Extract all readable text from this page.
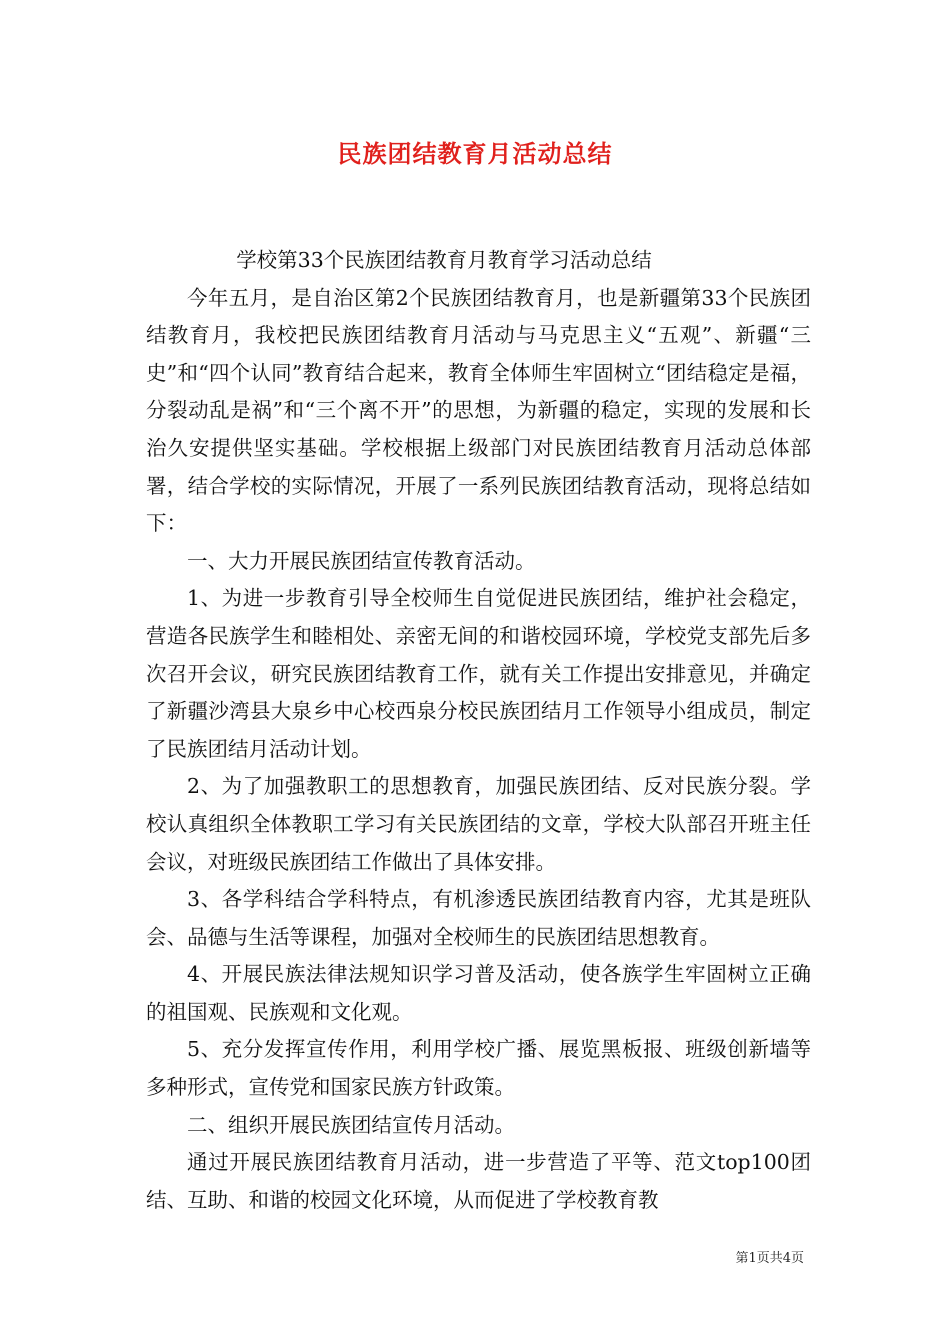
民族团结教育月活动总结

学校第33个民族团结教育月教育学习活动总结

今年五月，是自治区第2个民族团结教育月，也是新疆第33个民族团结教育月，我校把民族团结教育月活动与马克思主义“五观”、新疆“三史”和“四个认同”教育结合起来，教育全体师生牢固树立“团结稳定是福，分裂动乱是祸”和“三个离不开”的思想，为新疆的稳定，实现的发展和长治久安提供坚实基础。学校根据上级部门对民族团结教育月活动总体部署，结合学校的实际情况，开展了一系列民族团结教育活动，现将总结如下：

一、大力开展民族团结宣传教育活动。

1、为进一步教育引导全校师生自觉促进民族团结，维护社会稳定，营造各民族学生和睦相处、亲密无间的和谐校园环境，学校党支部先后多次召开会议，研究民族团结教育工作，就有关工作提出安排意见，并确定了新疆沙湾县大泉乡中心校西泉分校民族团结月工作领导小组成员，制定了民族团结月活动计划。

2、为了加强教职工的思想教育，加强民族团结、反对民族分裂。学校认真组织全体教职工学习有关民族团结的文章，学校大队部召开班主任会议，对班级民族团结工作做出了具体安排。

3、各学科结合学科特点，有机渗透民族团结教育内容，尤其是班队会、品德与生活等课程，加强对全校师生的民族团结思想教育。

4、开展民族法律法规知识学习普及活动，使各族学生牢固树立正确的祖国观、民族观和文化观。

5、充分发挥宣传作用，利用学校广播、展览黑板报、班级创新墙等多种形式，宣传党和国家民族方针政策。

二、组织开展民族团结宣传月活动。

通过开展民族团结教育月活动，进一步营造了平等、范文top100团结、互助、和谐的校园文化环境，从而促进了学校教育教

第1页共4页
